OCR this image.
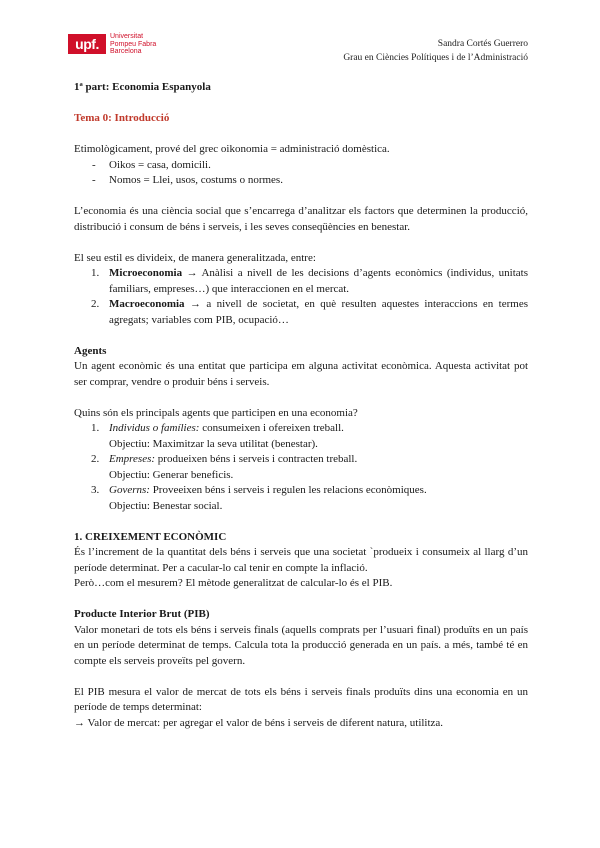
upf.	Universitat
Pompeu Fabra
Barcelona
Sandra Cortés Guerrero
Grau en Ciències Polítiques i de l’Administració

1ª part: Economia Espanyola

Tema 0: Introducció

Etimològicament, prové del grec oikonomia = administració domèstica.

- Oikos = casa, domicili.
- Nomos = Llei, usos, costums o normes.

L’economia és una ciència social que s’encarrega d’analitzar els factors que determinen la producció, distribució i consum de béns i serveis, i les seves conseqüències en benestar.

El seu estil es divideix, de manera generalitzada, entre:

1. Microeconomia → Anàlisi a nivell de les decisions d’agents econòmics (individus, unitats familiars, empreses…) que interaccionen en el mercat.
2. Macroeconomia → a nivell de societat, en què resulten aquestes interaccions en termes agregats; variables com PIB, ocupació…

Agents

Un agent econòmic és una entitat que participa em alguna activitat econòmica. Aquesta activitat pot ser comprar, vendre o produir béns i serveis.

Quins són els principals agents que participen en una economia?

1. Individus o famílies: consumeixen i ofereixen treball.
Objectiu: Maximitzar la seva utilitat (benestar).
2. Empreses: produeixen béns i serveis i contracten treball.
Objectiu: Generar beneficis.
3. Governs: Proveeixen béns i serveis i regulen les relacions econòmiques.
Objectiu: Benestar social.

1. CREIXEMENT ECONÒMIC

És l’increment de la quantitat dels béns i serveis que una societat `produeix i consumeix al llarg d’un període determinat. Per a cacular-lo cal tenir en compte la inflació.

Però…com el mesurem? El mètode generalitzat de calcular-lo és el PIB.

Producte Interior Brut (PIB)

Valor monetari de tots els béns i serveis finals (aquells comprats per l’usuari final) produïts en un país en un període determinat de temps. Calcula tota la producció generada en un país. a més, també té en compte els serveis proveïts pel govern.

El PIB mesura el valor de mercat de tots els béns i serveis finals produïts dins una economia en un període de temps determinat:

→ Valor de mercat: per agregar el valor de béns i serveis de diferent natura, utilitza.
